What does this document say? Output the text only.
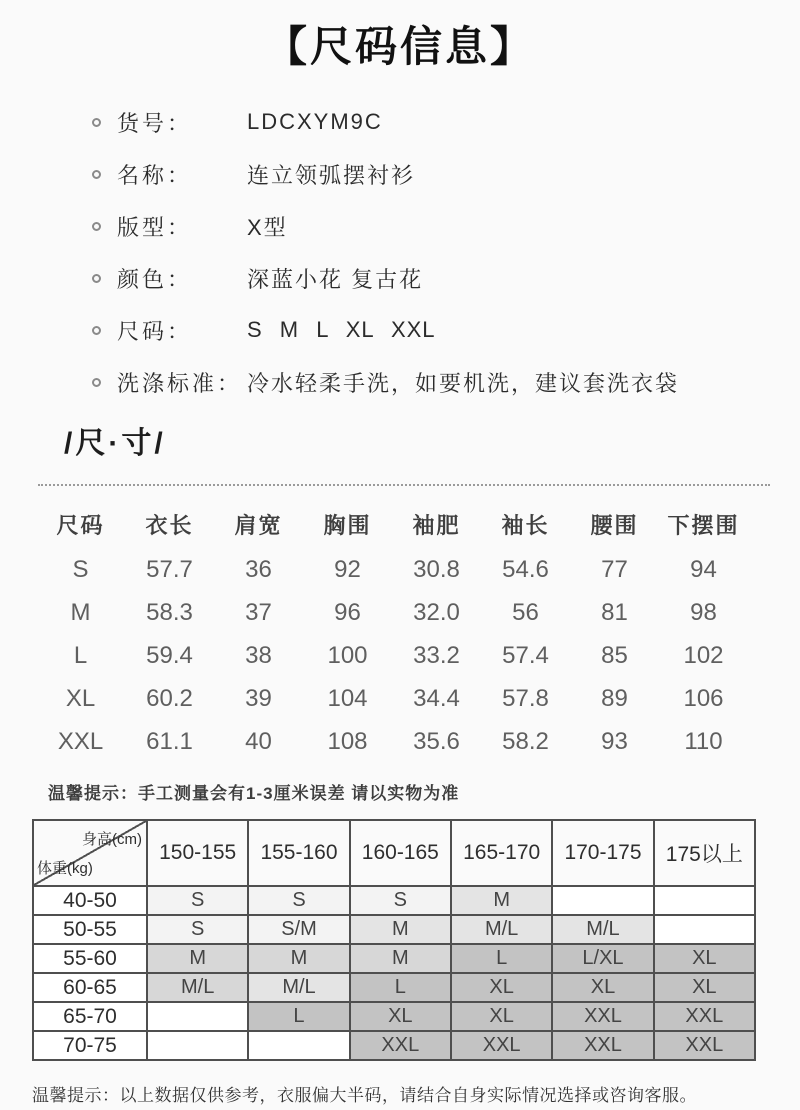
【尺码信息】
货号：	LDCXYM9C
名称：	连立领弧摆衬衫
版型：	X型
颜色：	深蓝小花 复古花
尺码：	S M L XL XXL
洗涤标准： 冷水轻柔手洗，如要机洗，建议套洗衣袋
/尺·寸/
尺码	衣长	肩宽	胸围	袖肥	袖长	腰围	下摆围
S	57.7	36	92	30.8	54.6	77	94
M	58.3	37	96	32.0	56	81	98
L	59.4	38	100	33.2	57.4	85	102
XL	60.2	39	104	34.4	57.8	89	106
XXL	61.1	40	108	35.6	58.2	93	110
温馨提示：手工测量会有1-3厘米误差 请以实物为准
身高(cm)
体重(kg)	150-155	155-160	160-165	165-170	170-175	175以上
40-50	S	S	S	M		
50-55	S	S/M	M	M/L	M/L	
55-60	M	M	M	L	L/XL	XL
60-65	M/L	M/L	L	XL	XL	XL
65-70		L	XL	XL	XXL	XXL
70-75			XXL	XXL	XXL	XXL
温馨提示：以上数据仅供参考，衣服偏大半码，请结合自身实际情况选择或咨询客服。
